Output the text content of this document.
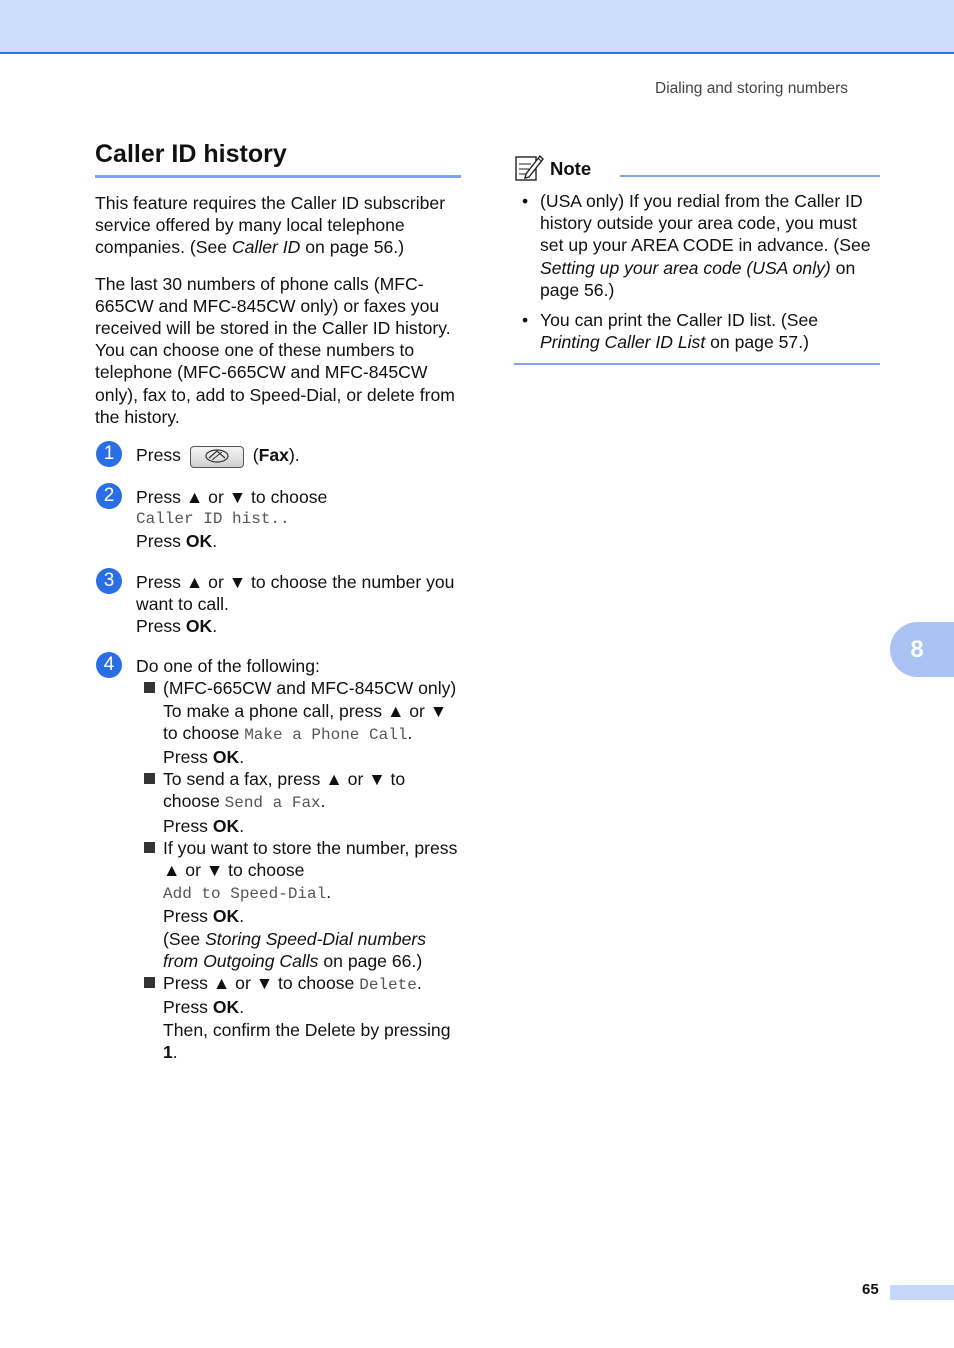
Dialing and storing numbers
Caller ID history

This feature requires the Caller ID subscriber service offered by many local telephone companies. (See Caller ID on page 56.)

The last 30 numbers of phone calls (MFC-665CW and MFC-845CW only) or faxes you received will be stored in the Caller ID history. You can choose one of these numbers to telephone (MFC-665CW and MFC-845CW only), fax to, add to Speed-Dial, or delete from the history.

1	Press	(Fax).
2	Press ▲ or ▼ to choose
Caller ID hist..
Press OK.
3	Press ▲ or ▼ to choose the number you want to call.
Press OK.
4	Do one of the following:
(MFC-665CW and MFC-845CW only)
To make a phone call, press ▲ or ▼ to choose Make a Phone Call.
Press OK.
To send a fax, press ▲ or ▼ to choose Send a Fax.
Press OK.
If you want to store the number, press ▲ or ▼ to choose
Add to Speed-Dial.
Press OK.
(See Storing Speed-Dial numbers from Outgoing Calls on page 66.)
Press ▲ or ▼ to choose Delete.
Press OK.
Then, confirm the Delete by pressing 1.
Note
• (USA only) If you redial from the Caller ID history outside your area code, you must set up your AREA CODE in advance. (See Setting up your area code (USA only) on page 56.)
• You can print the Caller ID list. (See Printing Caller ID List on page 57.)
8
65
